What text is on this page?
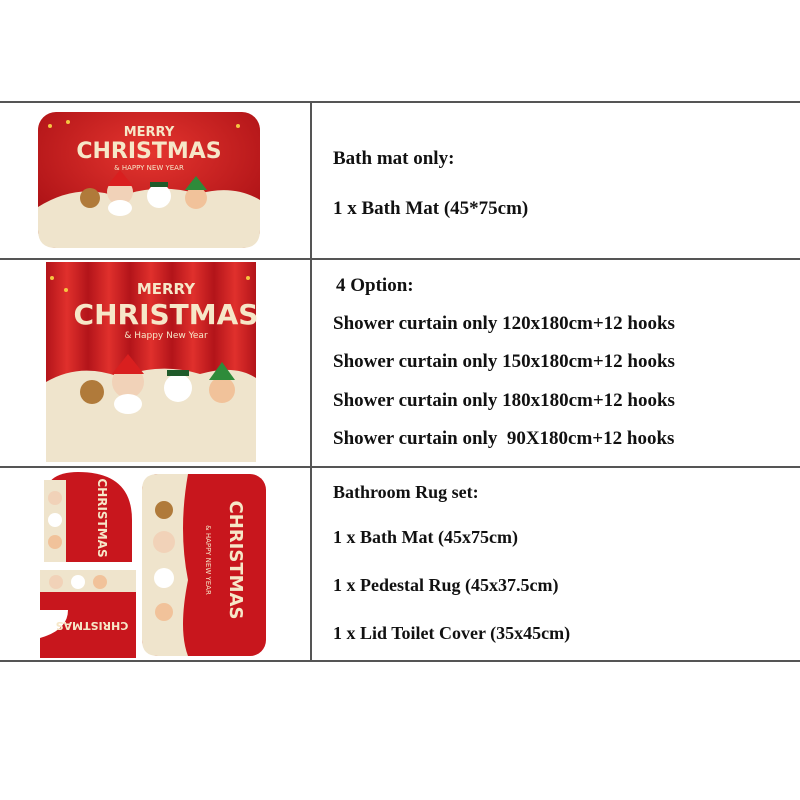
MERRY
CHRISTMAS
& HAPPY NEW YEAR
MERRY
CHRISTMAS
& Happy New Year
CHRISTMAS
CHRISTMAS
CHRISTMAS
& HAPPY NEW YEAR
Bath mat only:
1 x Bath Mat (45*75cm)
4 Option:
Shower curtain only 120x180cm+12 hooks
Shower curtain only 150x180cm+12 hooks
Shower curtain only 180x180cm+12 hooks
Shower curtain only  90X180cm+12 hooks
Bathroom Rug set:
1 x Bath Mat (45x75cm)
1 x Pedestal Rug (45x37.5cm)
1 x Lid Toilet Cover (35x45cm)
